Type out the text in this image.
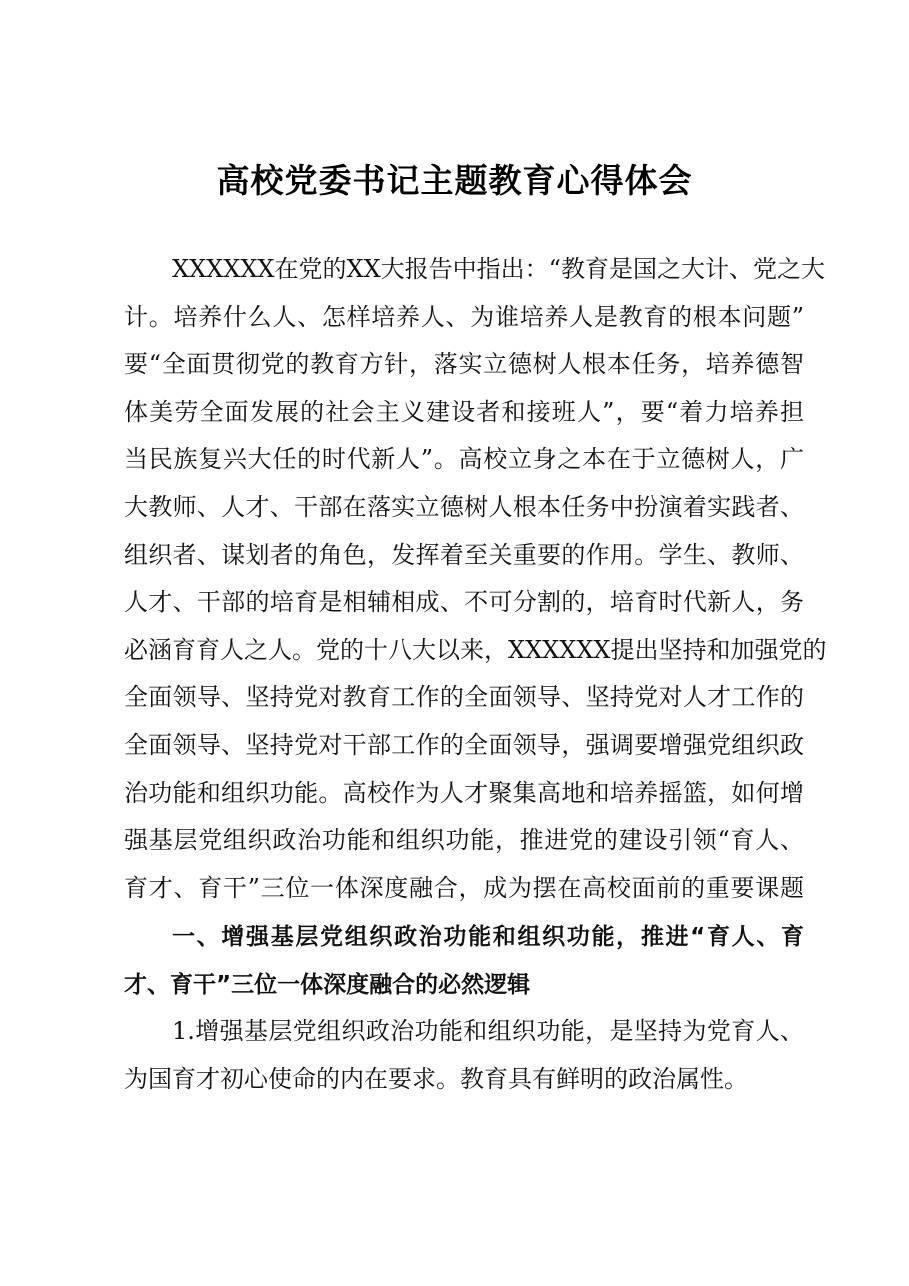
高校党委书记主题教育心得体会
XXXXXX在党的XX大报告中指出：“教育是国之大计、党之大
计。培养什么人、怎样培养人、为谁培养人是教育的根本问题”
要“全面贯彻党的教育方针，落实立德树人根本任务，培养德智
体美劳全面发展的社会主义建设者和接班人”，要“着力培养担
当民族复兴大任的时代新人”。高校立身之本在于立德树人，广
大教师、人才、干部在落实立德树人根本任务中扮演着实践者、
组织者、谋划者的角色，发挥着至关重要的作用。学生、教师、
人才、干部的培育是相辅相成、不可分割的，培育时代新人，务
必涵育育人之人。党的十八大以来，XXXXXX提出坚持和加强党的
全面领导、坚持党对教育工作的全面领导、坚持党对人才工作的
全面领导、坚持党对干部工作的全面领导，强调要增强党组织政
治功能和组织功能。高校作为人才聚集高地和培养摇篮，如何增
强基层党组织政治功能和组织功能，推进党的建设引领“育人、
育才、育干”三位一体深度融合，成为摆在高校面前的重要课题
一、增强基层党组织政治功能和组织功能，推进“育人、育
才、育干”三位一体深度融合的必然逻辑
1.增强基层党组织政治功能和组织功能，是坚持为党育人、
为国育才初心使命的内在要求。教育具有鲜明的政治属性。
